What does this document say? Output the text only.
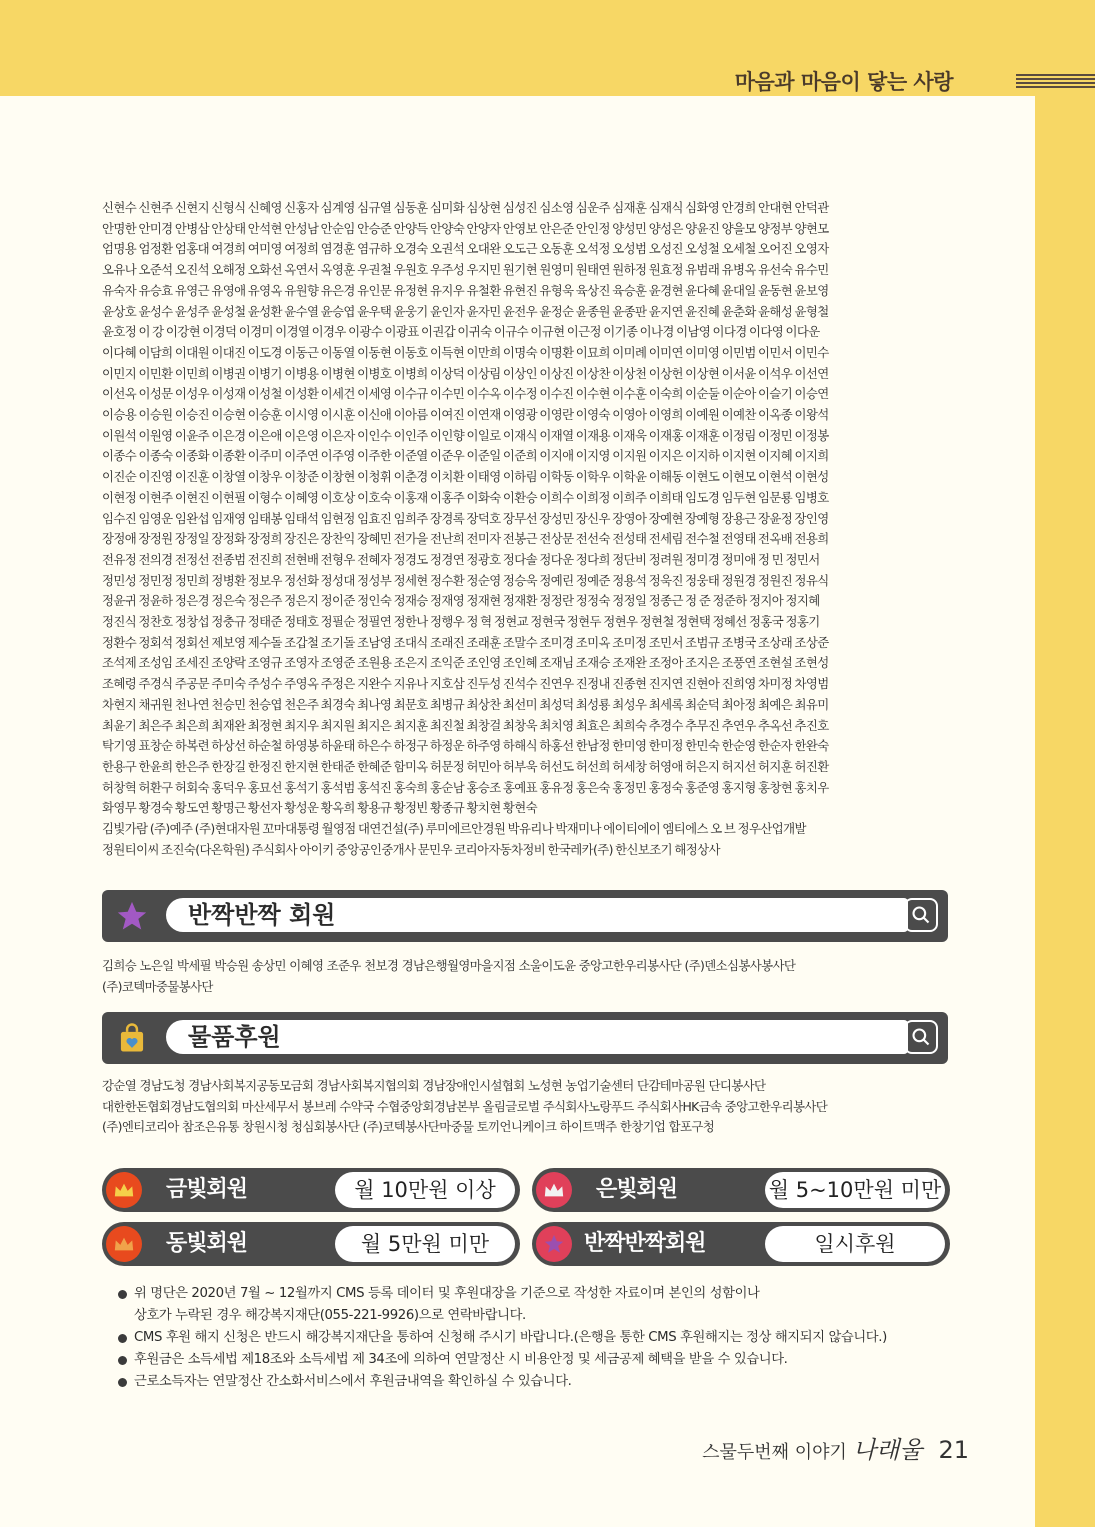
마음과 마음이 닿는 사랑

신현수 신현주 신현지 신형식 신혜영 신홍자 심계영 심규열 심동훈 심미화 심상현 심성진 심소영 심운주 심재훈 심재식 심화영 안경희 안대현 안덕관

안명한 안미경 안병삼 안상태 안석현 안성남 안순임 안승준 안양득 안양숙 안양자 안영보 안은준 안인정 양성민 양성은 양윤진 양을모 양정부 양현모

엄명용 엄정환 엄홍대 여경희 여미영 여정희 염경훈 염규하 오경숙 오권석 오대완 오도근 오동훈 오석정 오성범 오성진 오성철 오세철 오어진 오영자

오유나 오준석 오진석 오해정 오화선 옥연서 옥영훈 우권철 우원호 우주성 우지민 원기현 원영미 원태연 원하정 원효정 유범래 유병옥 유선숙 유수민

유숙자 유승효 유영근 유영애 유영옥 유원향 유은경 유인문 유정현 유지우 유철환 유현진 유형욱 육상진 육승훈 윤경현 윤다혜 윤대일 윤동현 윤보영

윤상호 윤성수 윤성주 윤성철 윤성환 윤수열 윤승엽 윤우택 윤웅기 윤인자 윤자민 윤전우 윤정순 윤종원 윤종판 윤지연 윤진혜 윤춘화 윤해성 윤형철

윤호정 이 강 이강현 이경덕 이경미 이경열 이경우 이광수 이광표 이권갑 이귀숙 이규수 이규현 이근정 이기종 이나경 이남영 이다경 이다영 이다운

이다혜 이담희 이대원 이대진 이도경 이동근 이동열 이동현 이동호 이득현 이만희 이명숙 이명환 이묘희 이미례 이미연 이미영 이민범 이민서 이민수

이민지 이민환 이민희 이병권 이병기 이병용 이병현 이병호 이병희 이상덕 이상림 이상인 이상진 이상찬 이상천 이상헌 이상현 이서윤 이석우 이선연

이선옥 이성문 이성우 이성재 이성철 이성환 이세건 이세영 이수규 이수민 이수옥 이수정 이수진 이수현 이수훈 이숙희 이순둘 이순아 이슬기 이승연

이승용 이승원 이승진 이승현 이승훈 이시영 이시훈 이신애 이아름 이여진 이연재 이영광 이영란 이영숙 이영아 이영희 이예원 이예찬 이옥종 이왕석

이원석 이원영 이윤주 이은경 이은애 이은영 이은자 이인수 이인주 이인향 이일로 이재식 이재열 이재용 이재욱 이재홍 이재훈 이정림 이정민 이정봉

이종수 이종숙 이종화 이종환 이주미 이주연 이주영 이주한 이준열 이준우 이준일 이준희 이지애 이지영 이지원 이지은 이지하 이지현 이지혜 이지희

이진순 이진영 이진훈 이창열 이창우 이창준 이창현 이청휘 이춘경 이치환 이태영 이하림 이학동 이학우 이학윤 이해동 이현도 이현모 이현석 이현성

이현정 이현주 이현진 이현필 이형수 이혜영 이호상 이호숙 이홍재 이홍주 이화숙 이환승 이희수 이희정 이희주 이희태 임도경 임두현 임문룡 임병호

임수진 임영운 임완섭 임재영 임태봉 임태석 임현정 임효진 임희주 장경록 장덕호 장무선 장성민 장신우 장영아 장예현 장예형 장용근 장윤정 장인영

장정애 장정원 장정일 장정화 장정희 장진은 장찬익 장혜민 전가을 전난희 전미자 전봉근 전상문 전선숙 전성태 전세림 전수철 전영태 전옥배 전용희

전유정 전의경 전정선 전종범 전진희 전현배 전형우 전혜자 정경도 정경연 정광호 정다솔 정다운 정다희 정단비 정려원 정미경 정미애 정 민 정민서

정민성 정민정 정민희 정병환 정보우 정선화 정성대 정성부 정세현 정수환 정순영 정승욱 정예린 정예준 정용석 정욱진 정웅태 정원경 정원진 정유식

정윤귀 정윤하 정은경 정은숙 정은주 정은지 정이준 정인숙 정재승 정재영 정재현 정재환 정정란 정정숙 정정일 정종근 정 준 정준하 정지아 정지혜

정진식 정찬호 정창섭 정충규 정태준 정태호 정필순 정필연 정한나 정행우 정 혁 정현교 정현국 정현두 정현우 정현철 정현택 정혜선 정홍국 정홍기

정환수 정회석 정회선 제보영 제수돌 조갑철 조기돌 조남영 조대식 조래진 조래훈 조말수 조미경 조미옥 조미정 조민서 조범규 조병국 조상래 조상준

조석제 조성임 조세진 조양락 조영규 조영자 조영준 조원용 조은지 조익준 조인영 조인혜 조재님 조재승 조재완 조정아 조지은 조풍연 조현설 조현성

조혜령 주경식 주공문 주미숙 주성수 주영옥 주정은 지완수 지유나 지호삼 진두성 진석수 진연우 진정내 진종현 진지연 진현아 진희영 차미정 차영범

차현지 채귀원 천나연 천승민 천승엽 천은주 최경숙 최나영 최문호 최병규 최상찬 최선미 최성덕 최성룡 최성우 최세록 최순덕 최아정 최예은 최유미

최윤기 최은주 최은희 최재완 최정현 최지우 최지원 최지은 최지훈 최진철 최창걸 최창욱 최치영 최효은 최희숙 추경수 추무진 추연우 추옥선 추진호

탁기영 표창순 하복련 하상선 하순철 하영봉 하윤태 하은수 하정구 하정운 하주영 하해식 하홍선 한남정 한미영 한미정 한민숙 한순영 한순자 한완숙

한용구 한윤희 한은주 한장길 한정진 한지현 한태준 한혜준 함미옥 허문정 허민아 허부욱 허선도 허선희 허세창 허영애 허은지 허지선 허지훈 허진환

허창혁 허환구 허회숙 홍덕우 홍묘선 홍석기 홍석범 홍석진 홍숙희 홍순남 홍승조 홍예표 홍유정 홍은숙 홍정민 홍정숙 홍준영 홍지형 홍창현 홍치우

화영무 황경숙 황도연 황명근 황선자 황성운 황옥희 황용규 황정빈 황종규 황치현 황현숙

김빛가람 (주)예주 (주)현대자원 꼬마대통령 월영점 대연건설(주) 루미에르안경원 박유리나 박재미나 에이티에이 엠티에스 오 브 정우산업개발

정원티이씨 조진숙(다온학원) 주식회사 아이키 중앙공인중개사 문민우 코리아자동차정비 한국레카(주) 한신보조기 해정상사

반짝반짝 회원

김희승 노은일 박세필 박승원 송상민 이혜영 조준우 천보경 경남은행월영마을지점 소울이도윤 중앙고한우리봉사단 (주)덴소심봉사봉사단

(주)코텍마중물봉사단

물품후원

강순열 경남도청 경남사회복지공동모금회 경남사회복지협의회 경남장애인시설협회 노성현 농업기술센터 단감테마공원 단디봉사단

대한한돈협회경남도협의회 마산세무서 봉브레 수약국 수협중앙회경남본부 올림글로벌 주식회사노랑푸드 주식회사HK금속 중앙고한우리봉사단

(주)엔티코리아 참조은유통 창원시청 청심회봉사단 (주)코텍봉사단마중물 토끼언니케이크 하이트맥주 한창기업 합포구청

금빛회원	월 10만원 이상	은빛회원	월 5~10만원 미만
동빛회원	월 5만원 미만	반짝반짝회원	일시후원
위 명단은 2020년 7월 ~ 12월까지 CMS 등록 데이터 및 후원대장을 기준으로 작성한 자료이며 본인의 성함이나
상호가 누락된 경우 해강복지재단(055-221-9926)으로 연락바랍니다.
CMS 후원 해지 신청은 반드시 해강복지재단을 통하여 신청해 주시기 바랍니다.(은행을 통한 CMS 후원해지는 정상 해지되지 않습니다.)
후원금은 소득세법 제18조와 소득세법 제 34조에 의하여 연말정산 시 비용안정 및 세금공제 혜택을 받을 수 있습니다.
근로소득자는 연말정산 간소화서비스에서 후원금내역을 확인하실 수 있습니다.
스물두번째 이야기 나래울 21
